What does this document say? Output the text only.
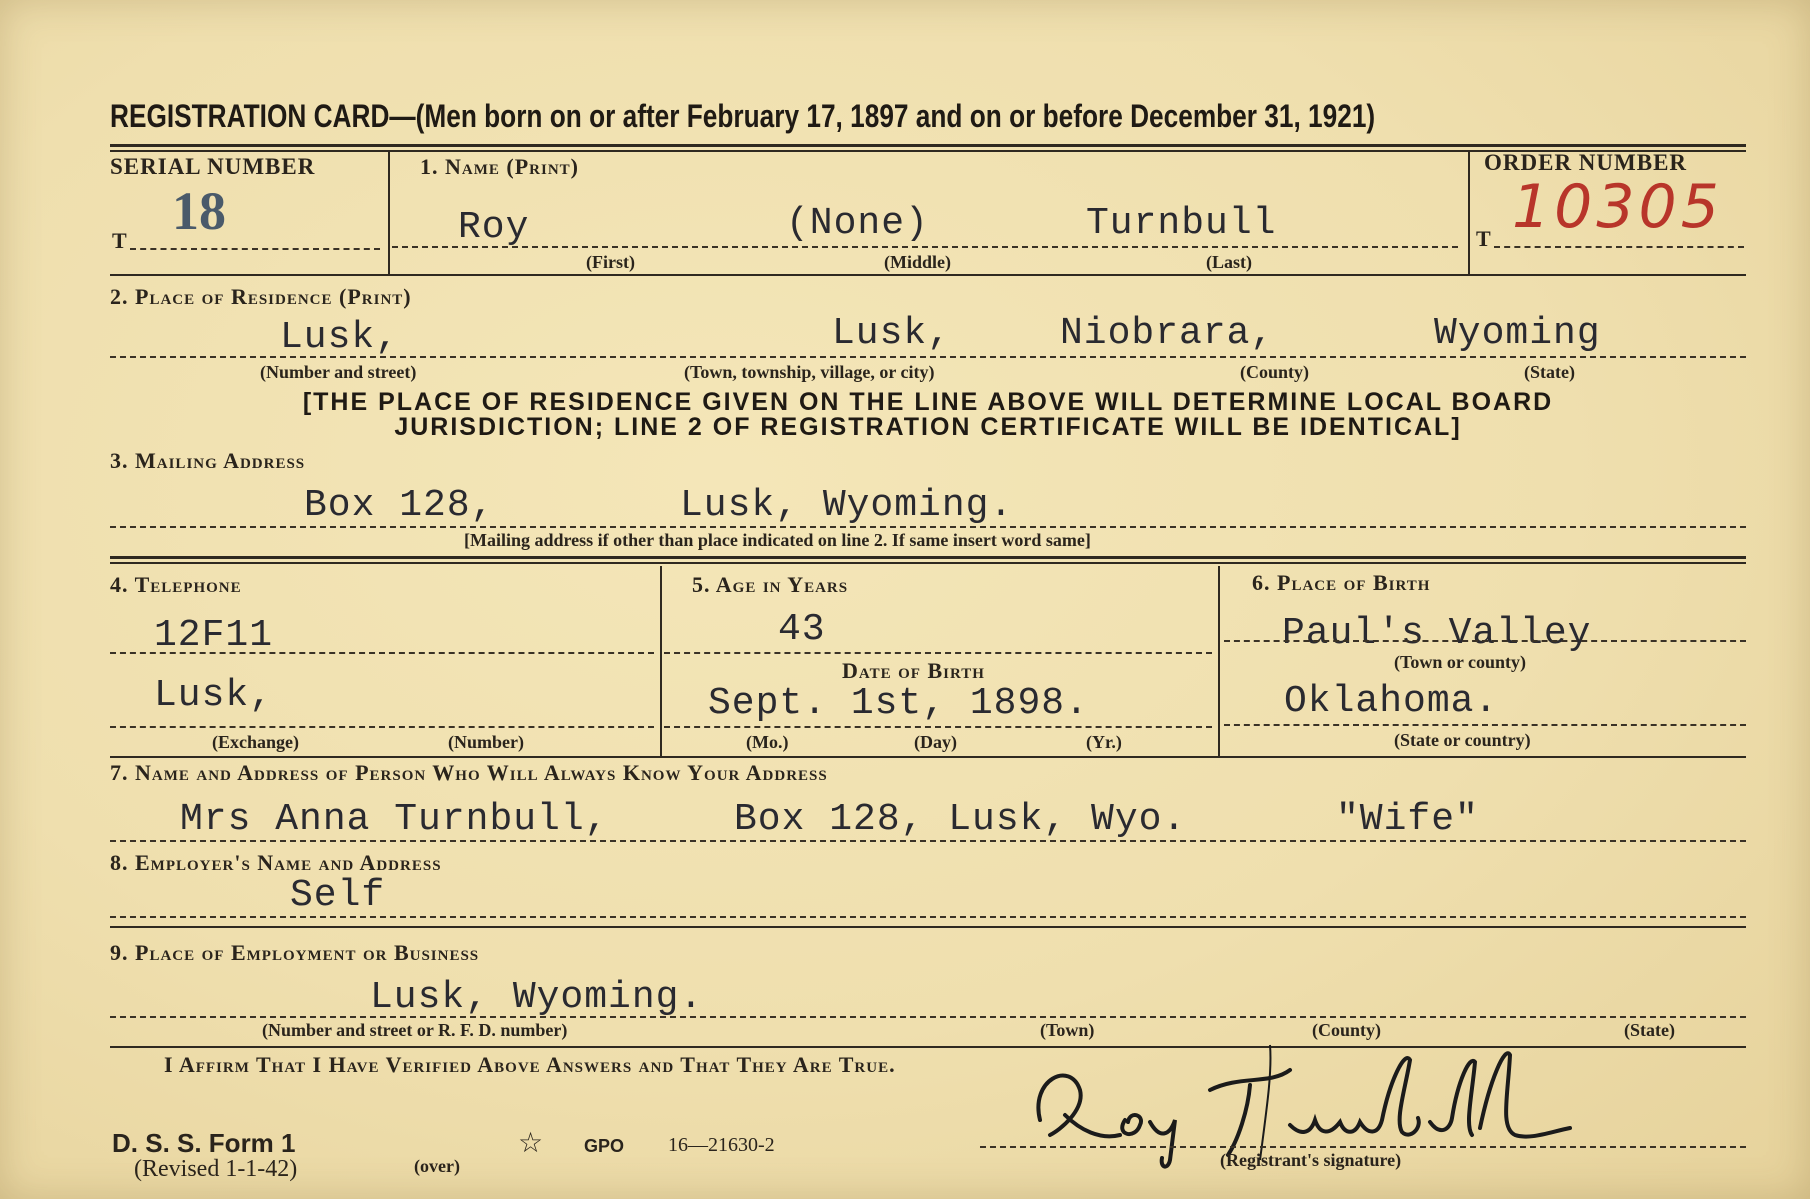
REGISTRATION CARD—(Men born on or after February 17, 1897 and on or before December 31, 1921)
SERIAL NUMBER
T 18
1. Name (Print)
Roy	(None)	Turnbull
(First)	(Middle)	(Last)
ORDER NUMBER
T 10305
2. Place of Residence (Print)
Lusk,	Lusk,	Niobrara,	Wyoming
(Number and street)	(Town, township, village, or city)	(County)	(State)
[THE PLACE OF RESIDENCE GIVEN ON THE LINE ABOVE WILL DETERMINE LOCAL BOARD
JURISDICTION; LINE 2 OF REGISTRATION CERTIFICATE WILL BE IDENTICAL]
3. Mailing Address
Box 128,	Lusk, Wyoming.
[Mailing address if other than place indicated on line 2. If same insert word same]
4. Telephone
12F11
Lusk,
(Exchange)	(Number)
5. Age in Years
43
Date of Birth
Sept. 1st, 1898.
(Mo.)	(Day)	(Yr.)
6. Place of Birth
Paul's Valley
(Town or county)
Oklahoma.
(State or country)
7. Name and Address of Person Who Will Always Know Your Address
Mrs Anna Turnbull,	Box 128, Lusk, Wyo.	"Wife"
8. Employer's Name and Address
Self
9. Place of Employment or Business
Lusk, Wyoming.
(Number and street or R. F. D. number)	(Town)	(County)	(State)
I Affirm That I Have Verified Above Answers and That They Are True.
(Registrant's signature)
D. S. S. Form 1
(Revised 1-1-42)	(over)
☆ GPO 16—21630-2
